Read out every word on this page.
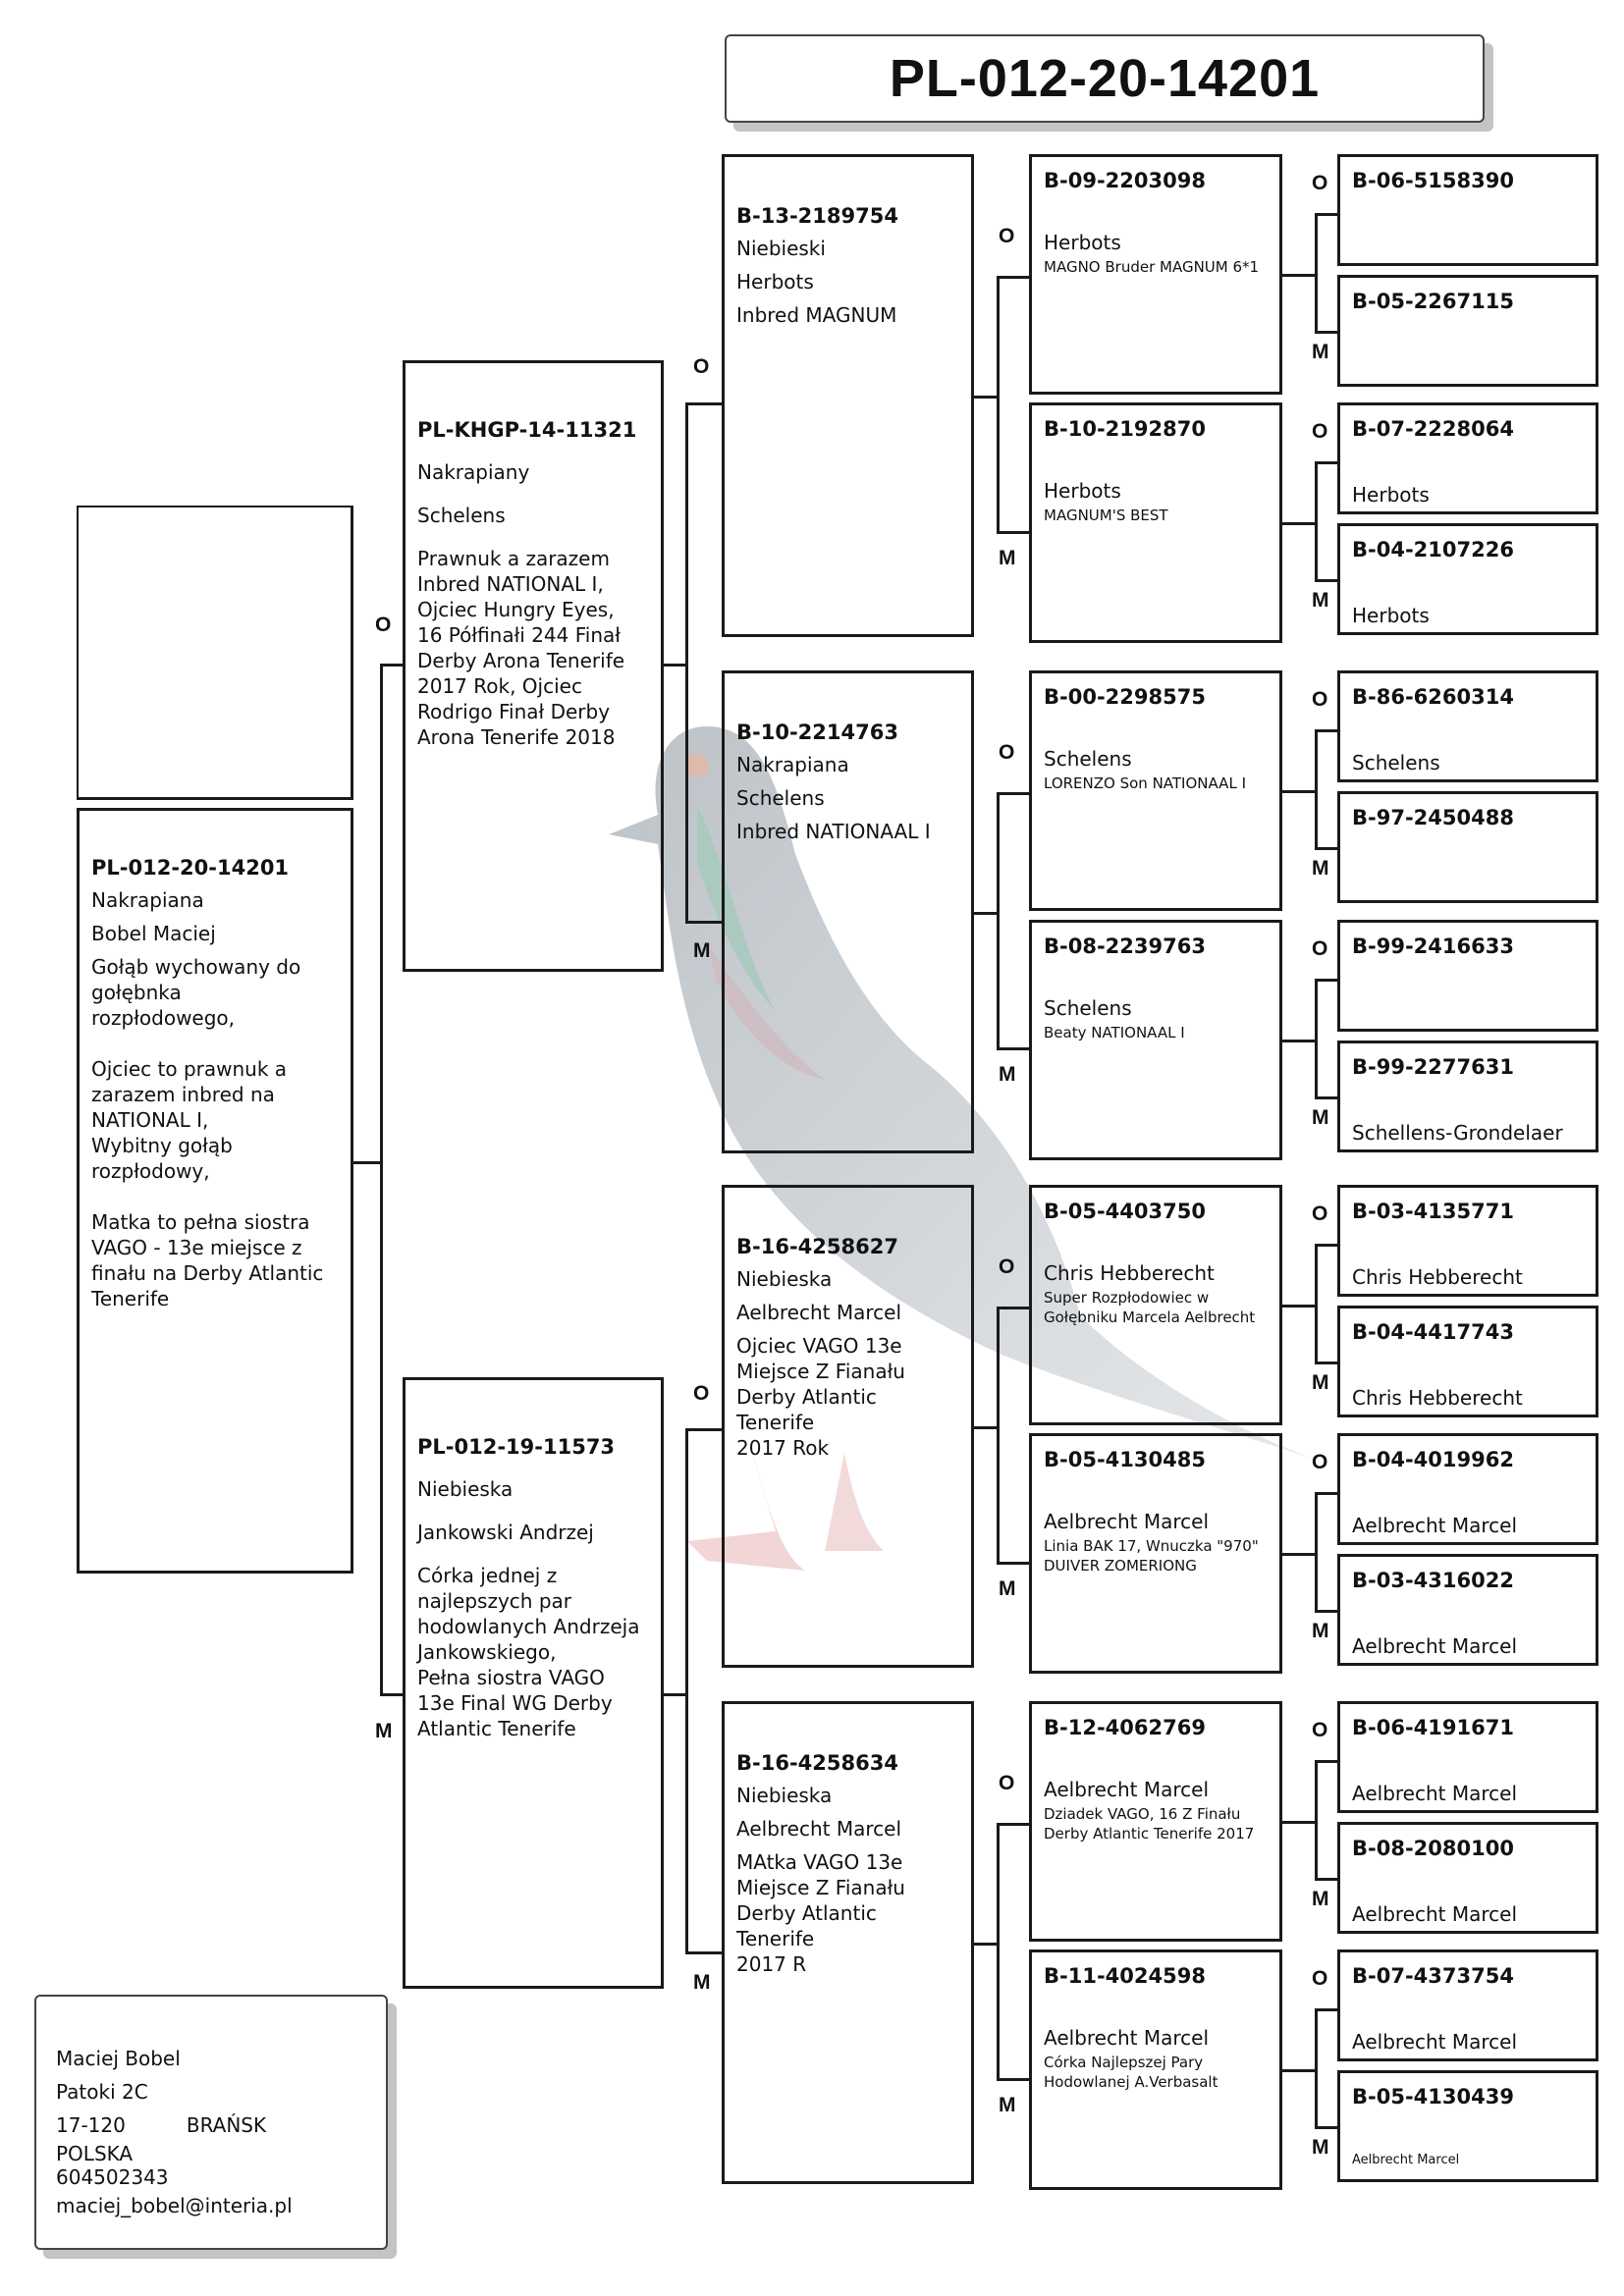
PL-012-20-14201
PL-012-20-14201
Nakrapiana
Bobel Maciej
Gołąb wychowany do
gołębnka
rozpłodowego,
Ojciec to prawnuk a
zarazem inbred na
NATIONAL I,
Wybitny gołąb
rozpłodowy,
Matka to pełna siostra
VAGO - 13e miejsce z
finału na Derby Atlantic
Tenerife
PL-KHGP-14-11321
Nakrapiany
Schelens
Prawnuk a zarazem
Inbred NATIONAL I,
Ojciec Hungry Eyes,
16 Półfinałi 244 Finał
Derby Arona Tenerife
2017 Rok, Ojciec
Rodrigo Finał Derby
Arona Tenerife 2018
PL-012-19-11573
Niebieska
Jankowski Andrzej
Córka jednej z
najlepszych par
hodowlanych Andrzeja
Jankowskiego,
Pełna siostra VAGO
13e Final WG Derby
Atlantic Tenerife
O
M
O
M
O
M
B-13-2189754
Niebieski
Herbots
Inbred MAGNUM
O
M
B-10-2214763
Nakrapiana
Schelens
Inbred NATIONAAL I
O
M
B-16-4258627
Niebieska
Aelbrecht Marcel
Ojciec VAGO 13e
Miejsce Z Fianału
Derby Atlantic Tenerife
2017 Rok
O
M
B-16-4258634
Niebieska
Aelbrecht Marcel
MAtka VAGO 13e
Miejsce Z Fianału
Derby Atlantic Tenerife
2017 R
O
M
B-09-2203098
Herbots
MAGNO Bruder MAGNUM 6*1
O
M
B-10-2192870
Herbots
MAGNUM'S BEST
O
M
B-00-2298575
Schelens
LORENZO Son NATIONAAL I
O
M
B-08-2239763
Schelens
Beaty NATIONAAL I
O
M
B-05-4403750
Chris Hebberecht
Super Rozpłodowiec w
Gołębniku Marcela Aelbrecht
O
M
B-05-4130485
Aelbrecht Marcel
Linia BAK 17, Wnuczka "970"
DUIVER ZOMERIONG
O
M
B-12-4062769
Aelbrecht Marcel
Dziadek VAGO, 16 Z Finału
Derby Atlantic Tenerife 2017
O
M
B-11-4024598
Aelbrecht Marcel
Córka Najlepszej Pary
Hodowlanej A.Verbasalt
O
M
B-06-5158390
B-05-2267115
B-07-2228064
Herbots
B-04-2107226
Herbots
B-86-6260314
Schelens
B-97-2450488
B-99-2416633
B-99-2277631
Schellens-Grondelaer
B-03-4135771
Chris Hebberecht
B-04-4417743
Chris Hebberecht
B-04-4019962
Aelbrecht Marcel
B-03-4316022
Aelbrecht Marcel
B-06-4191671
Aelbrecht Marcel
B-08-2080100
Aelbrecht Marcel
B-07-4373754
Aelbrecht Marcel
B-05-4130439
Aelbrecht Marcel
Maciej Bobel
Patoki 2C
17-120	BRAŃSK
POLSKA
604502343
maciej_bobel@interia.pl
